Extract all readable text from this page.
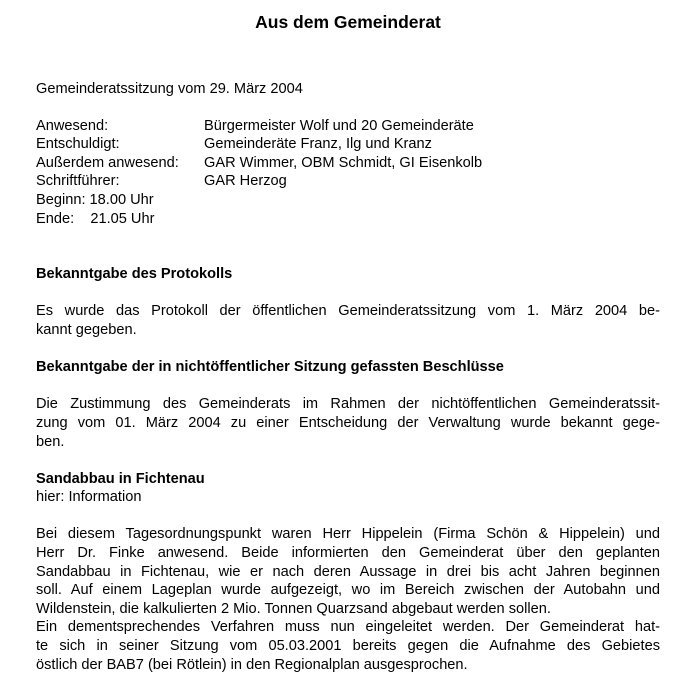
Aus dem Gemeinderat
Gemeinderatssitzung vom 29. März 2004
Anwesend:	Bürgermeister Wolf und 20 Gemeinderäte
Entschuldigt:	Gemeinderäte Franz, Ilg und Kranz
Außerdem anwesend:	GAR Wimmer, OBM Schmidt, GI Eisenkolb
Schriftführer:	GAR Herzog
Beginn: 18.00 Uhr
Ende:    21.05 Uhr

Bekanntgabe des Protokolls

Es wurde das Protokoll der öffentlichen Gemeinderatssitzung vom 1. März 2004 be-
kannt gegeben.

Bekanntgabe der in nichtöffentlicher Sitzung gefassten Beschlüsse

Die Zustimmung des Gemeinderats im Rahmen der nichtöffentlichen Gemeinderatssit-
zung vom 01. März 2004 zu einer Entscheidung der Verwaltung wurde bekannt gege-
ben.

Sandabbau in Fichtenau

hier: Information

Bei diesem Tagesordnungspunkt waren Herr Hippelein (Firma Schön & Hippelein) und
Herr Dr. Finke anwesend. Beide informierten den Gemeinderat über den geplanten
Sandabbau in Fichtenau, wie er nach deren Aussage in drei bis acht Jahren beginnen
soll. Auf einem Lageplan wurde aufgezeigt, wo im Bereich zwischen der Autobahn und
Wildenstein, die kalkulierten 2 Mio. Tonnen Quarzsand abgebaut werden sollen.

Ein dementsprechendes Verfahren muss nun eingeleitet werden. Der Gemeinderat hat-
te sich in seiner Sitzung vom 05.03.2001 bereits gegen die Aufnahme des Gebietes
östlich der BAB7 (bei Rötlein) in den Regionalplan ausgesprochen.
